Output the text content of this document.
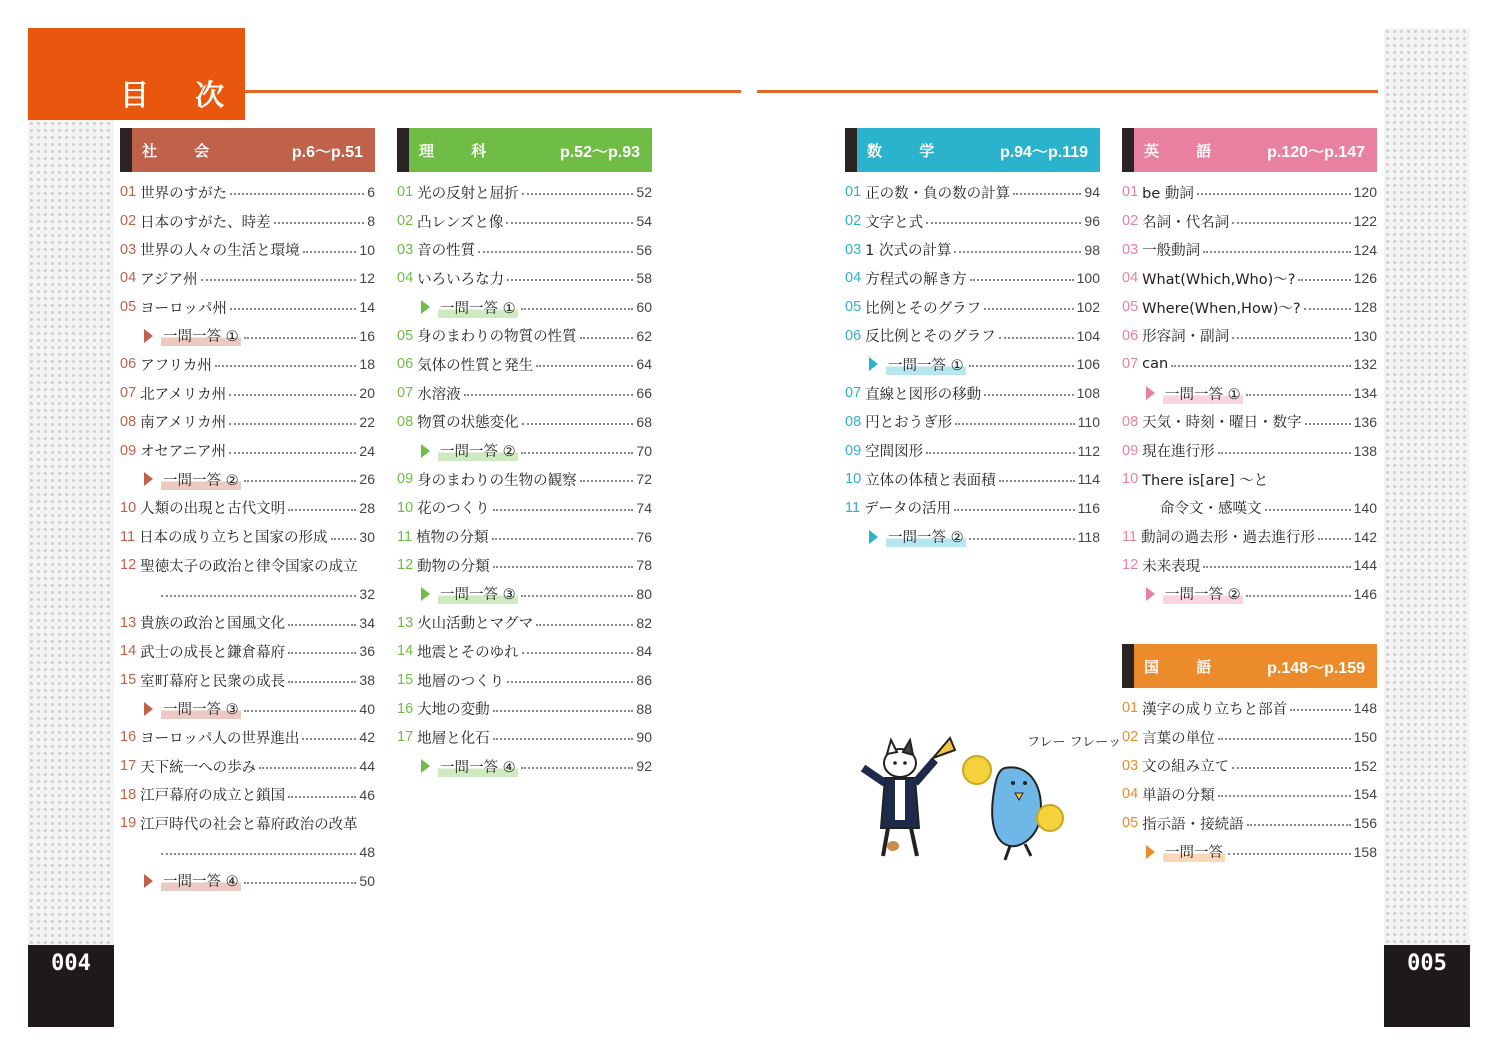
004	005
目 次
社 会	p.6〜p.51
01 世界のすがた	6
02 日本のすがた、時差	8
03 世界の人々の生活と環境	10
04 アジア州	12
05 ヨーロッパ州	14
一問一答 ①	16
06 アフリカ州	18
07 北アメリカ州	20
08 南アメリカ州	22
09 オセアニア州	24
一問一答 ②	26
10 人類の出現と古代文明	28
11 日本の成り立ちと国家の形成 30
12 聖徳太子の政治と律令国家の成立
32
13 貴族の政治と国風文化	34
14 武士の成長と鎌倉幕府	36
15 室町幕府と民衆の成長	38
一問一答 ③	40
16 ヨーロッパ人の世界進出	42
17 天下統一への歩み	44
18 江戸幕府の成立と鎖国	46
19 江戸時代の社会と幕府政治の改革
48
一問一答 ④	50
理 科	p.52〜p.93
01 光の反射と屈折	52
02 凸レンズと像	54
03 音の性質	56
04 いろいろな力	58
一問一答 ①	60
05 身のまわりの物質の性質	62
06 気体の性質と発生	64
07 水溶液	66
08 物質の状態変化	68
一問一答 ②	70
09 身のまわりの生物の観察	72
10 花のつくり	74
11 植物の分類	76
12 動物の分類	78
一問一答 ③	80
13 火山活動とマグマ	82
14 地震とそのゆれ	84
15 地層のつくり	86
16 大地の変動	88
17 地層と化石	90
一問一答 ④	92
数 学	p.94〜p.119
01 正の数・負の数の計算	94
02 文字と式	96
03 1 次式の計算	98
04 方程式の解き方	100
05 比例とそのグラフ	102
06 反比例とそのグラフ	104
一問一答 ①	106
07 直線と図形の移動	108
08 円とおうぎ形	110
09 空間図形	112
10 立体の体積と表面積	114
11 データの活用	116
一問一答 ②	118
英 語	p.120〜p.147
01 be 動詞	120
02 名詞・代名詞	122
03 一般動詞	124
04 What(Which,Who)〜?	126
05 Where(When,How)〜?	128
06 形容詞・副詞	130
07 can	132
一問一答 ①	134
08 天気・時刻・曜日・数字	136
09 現在進行形	138
10 There is[are] 〜と
命令文・感嘆文	140
11 動詞の過去形・過去進行形	142
12 未来表現	144
一問一答 ②	146
国 語	p.148〜p.159
01 漢字の成り立ちと部首	148
02 言葉の単位	150
03 文の組み立て	152
04 単語の分類	154
05 指示語・接続語	156
一問一答	158
フレー フレーッ
